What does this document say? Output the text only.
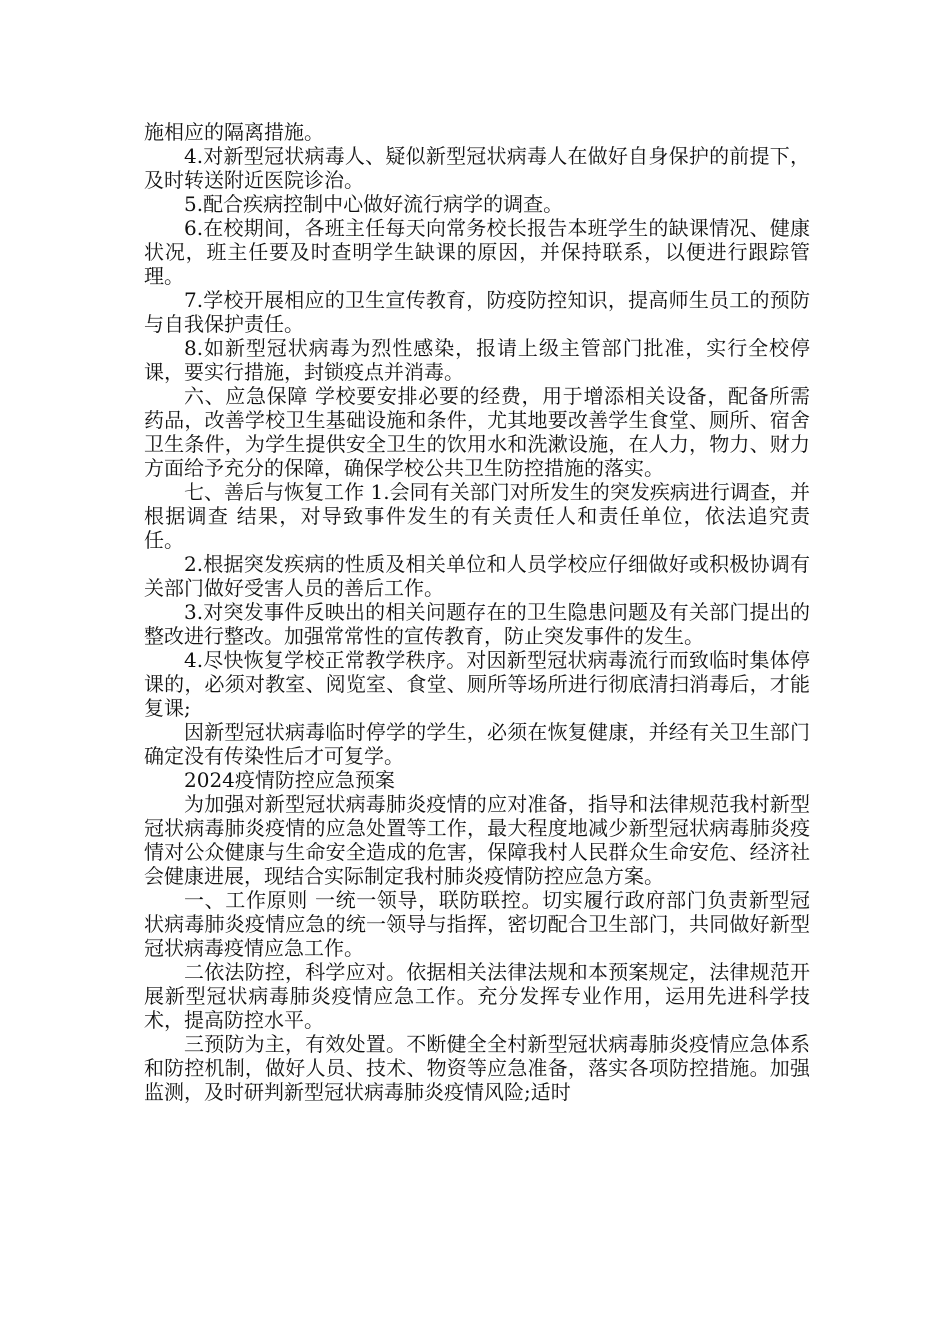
施相应的隔离措施。

4.对新型冠状病毒人、疑似新型冠状病毒人在做好自身保护的前提下，及时转送附近医院诊治。

5.配合疾病控制中心做好流行病学的调查。

6.在校期间，各班主任每天向常务校长报告本班学生的缺课情况、健康状况，班主任要及时查明学生缺课的原因，并保持联系，以便进行跟踪管理。

7.学校开展相应的卫生宣传教育，防疫防控知识，提高师生员工的预防与自我保护责任。

8.如新型冠状病毒为烈性感染，报请上级主管部门批准，实行全校停课，要实行措施，封锁疫点并消毒。

六、应急保障 学校要安排必要的经费，用于增添相关设备，配备所需药品，改善学校卫生基础设施和条件，尤其地要改善学生食堂、厕所、宿舍卫生条件，为学生提供安全卫生的饮用水和洗漱设施，在人力，物力、财力方面给予充分的保障，确保学校公共卫生防控措施的落实。

七、善后与恢复工作 1.会同有关部门对所发生的突发疾病进行调查，并根据调查 结果，对导致事件发生的有关责任人和责任单位，依法追究责任。

2.根据突发疾病的性质及相关单位和人员学校应仔细做好或积极协调有关部门做好受害人员的善后工作。

3.对突发事件反映出的相关问题存在的卫生隐患问题及有关部门提出的整改进行整改。加强常常性的宣传教育，防止突发事件的发生。

4.尽快恢复学校正常教学秩序。对因新型冠状病毒流行而致临时集体停课的，必须对教室、阅览室、食堂、厕所等场所进行彻底清扫消毒后，才能复课;

因新型冠状病毒临时停学的学生，必须在恢复健康，并经有关卫生部门确定没有传染性后才可复学。

2024疫情防控应急预案

为加强对新型冠状病毒肺炎疫情的应对准备，指导和法律规范我村新型冠状病毒肺炎疫情的应急处置等工作，最大程度地减少新型冠状病毒肺炎疫情对公众健康与生命安全造成的危害，保障我村人民群众生命安危、经济社会健康进展，现结合实际制定我村肺炎疫情防控应急方案。

一、工作原则 一统一领导，联防联控。切实履行政府部门负责新型冠状病毒肺炎疫情应急的统一领导与指挥，密切配合卫生部门，共同做好新型冠状病毒疫情应急工作。

二依法防控，科学应对。依据相关法律法规和本预案规定，法律规范开展新型冠状病毒肺炎疫情应急工作。充分发挥专业作用，运用先进科学技术，提高防控水平。

三预防为主，有效处置。不断健全全村新型冠状病毒肺炎疫情应急体系和防控机制，做好人员、技术、物资等应急准备，落实各项防控措施。加强监测，及时研判新型冠状病毒肺炎疫情风险;适时
